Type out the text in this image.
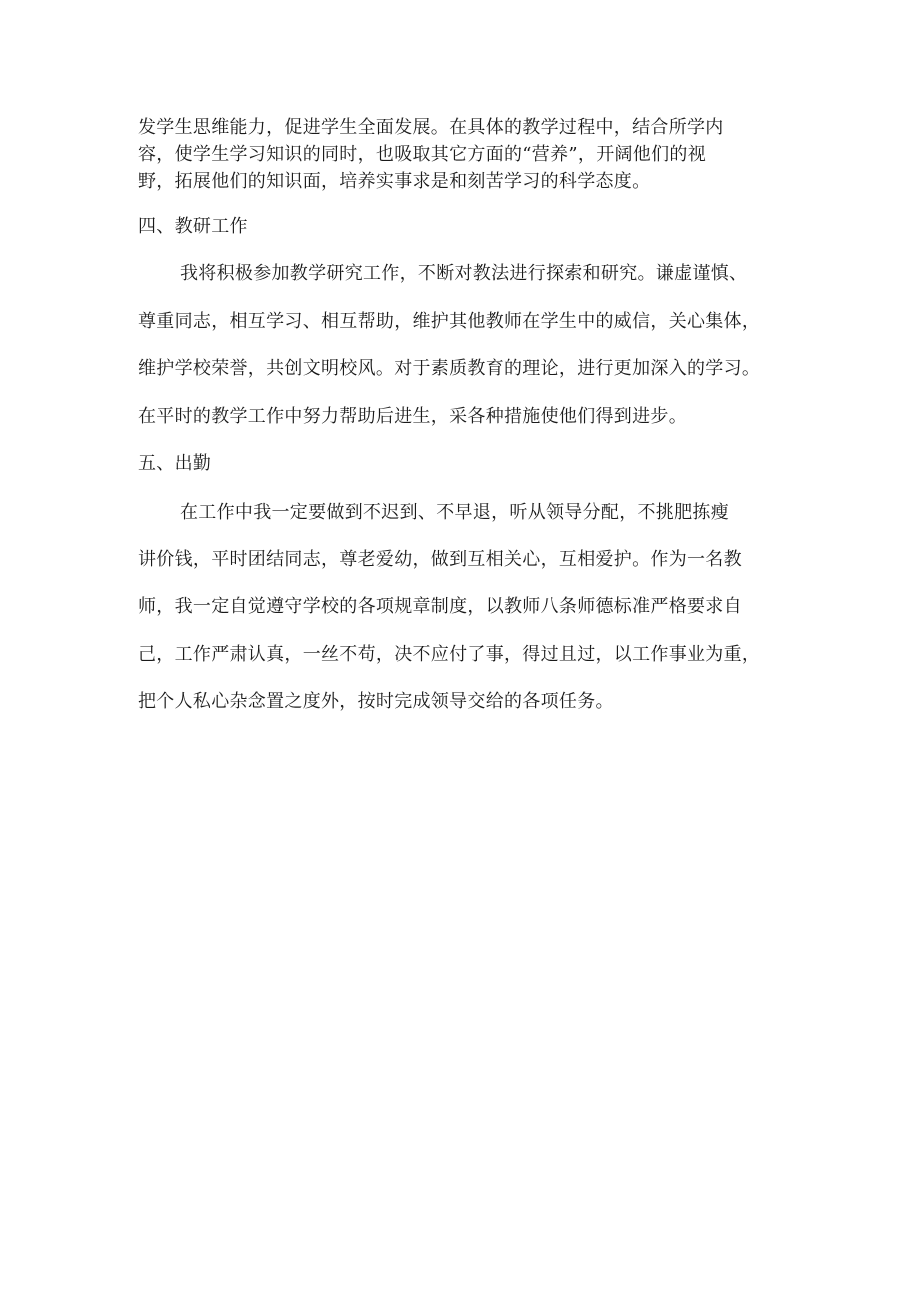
发学生思维能力，促进学生全面发展。在具体的教学过程中，结合所学内
容，使学生学习知识的同时，也吸取其它方面的“营养”，开阔他们的视
野，拓展他们的知识面，培养实事求是和刻苦学习的科学态度。
四、教研工作
我将积极参加教学研究工作，不断对教法进行探索和研究。谦虚谨慎、
尊重同志，相互学习、相互帮助，维护其他教师在学生中的威信，关心集体，
维护学校荣誉，共创文明校风。对于素质教育的理论，进行更加深入的学习。
在平时的教学工作中努力帮助后进生，采各种措施使他们得到进步。
五、出勤
在工作中我一定要做到不迟到、不早退，听从领导分配，不挑肥拣瘦
讲价钱，平时团结同志，尊老爱幼，做到互相关心，互相爱护。作为一名教
师，我一定自觉遵守学校的各项规章制度，以教师八条师德标准严格要求自
己，工作严肃认真，一丝不苟，决不应付了事，得过且过，以工作事业为重，
把个人私心杂念置之度外，按时完成领导交给的各项任务。
